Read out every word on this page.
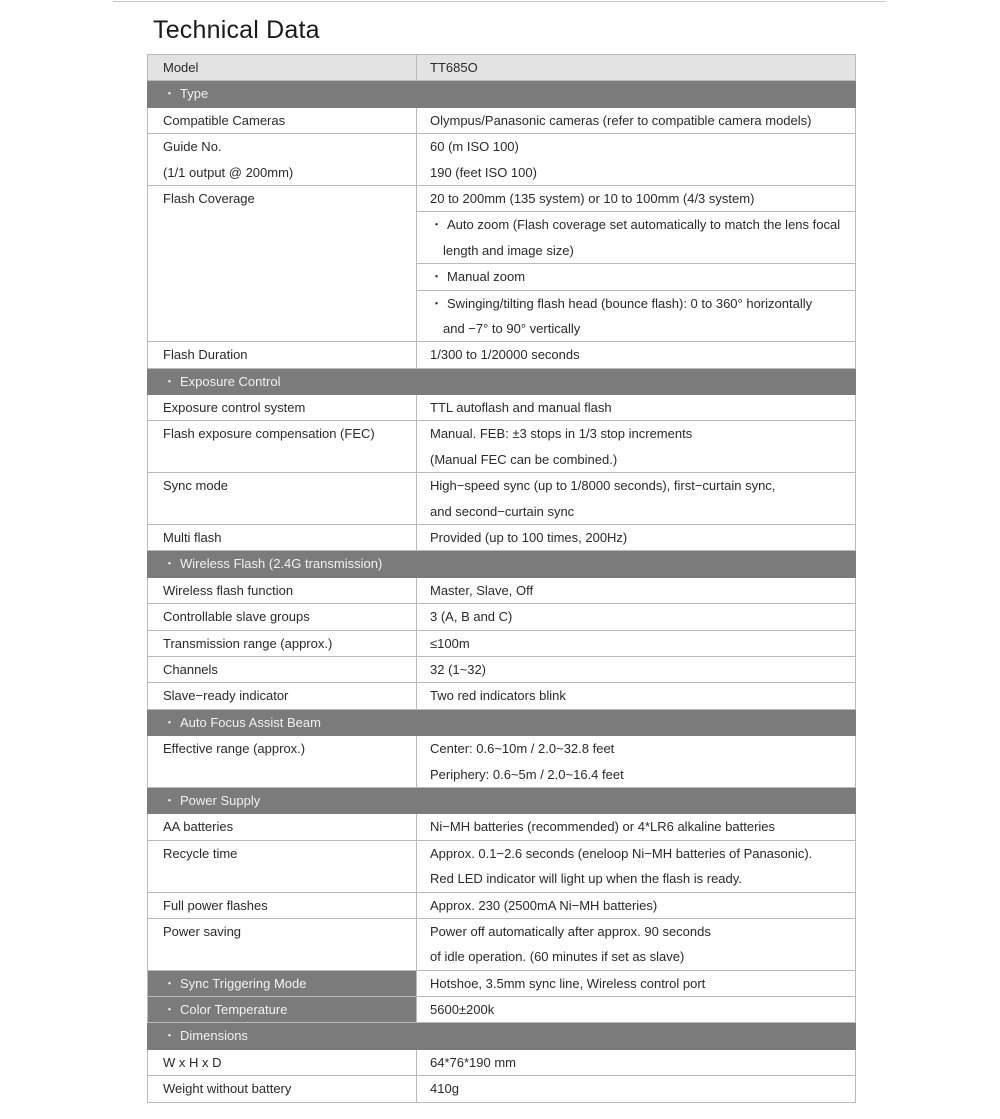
Technical Data
Model	TT685O

・ Type	

Compatible Cameras	Olympus/Panasonic cameras (refer to compatible camera models)

Guide No.
(1/1 output @ 200mm)	60 (m ISO 100)
190 (feet ISO 100)

Flash Coverage	20 to 200mm (135 system) or 10 to 100mm (4/3 system)

	・ Auto zoom (Flash coverage set automatically to match the lens focal
length and image size)

	・ Manual zoom

	・ Swinging/tilting flash head (bounce flash): 0 to 360° horizontally
and −7° to 90° vertically

Flash Duration	1/300 to 1/20000 seconds

・ Exposure Control	

Exposure control system	TTL autoflash and manual flash

Flash exposure compensation (FEC)	Manual. FEB: ±3 stops in 1/3 stop increments
(Manual FEC can be combined.)

Sync mode	High−speed sync (up to 1/8000 seconds), first−curtain sync,
and second−curtain sync

Multi flash	Provided (up to 100 times, 200Hz)

・ Wireless Flash (2.4G transmission)	

Wireless flash function	Master, Slave, Off

Controllable slave groups	3 (A, B and C)

Transmission range (approx.)	≤100m

Channels	32 (1~32)

Slave−ready indicator	Two red indicators blink

・ Auto Focus Assist Beam	

Effective range (approx.)	Center: 0.6~10m / 2.0~32.8 feet
Periphery: 0.6~5m / 2.0~16.4 feet

・ Power Supply	

AA batteries	Ni−MH batteries (recommended) or 4*LR6 alkaline batteries

Recycle time	Approx. 0.1−2.6 seconds (eneloop Ni−MH batteries of Panasonic).
Red LED indicator will light up when the flash is ready.

Full power flashes	Approx. 230 (2500mA Ni−MH batteries)

Power saving	Power off automatically after approx. 90 seconds
of idle operation. (60 minutes if set as slave)

・ Sync Triggering Mode	Hotshoe, 3.5mm sync line, Wireless control port

・ Color Temperature	5600±200k

・ Dimensions	

W x H x D	64*76*190 mm

Weight without battery	410g
